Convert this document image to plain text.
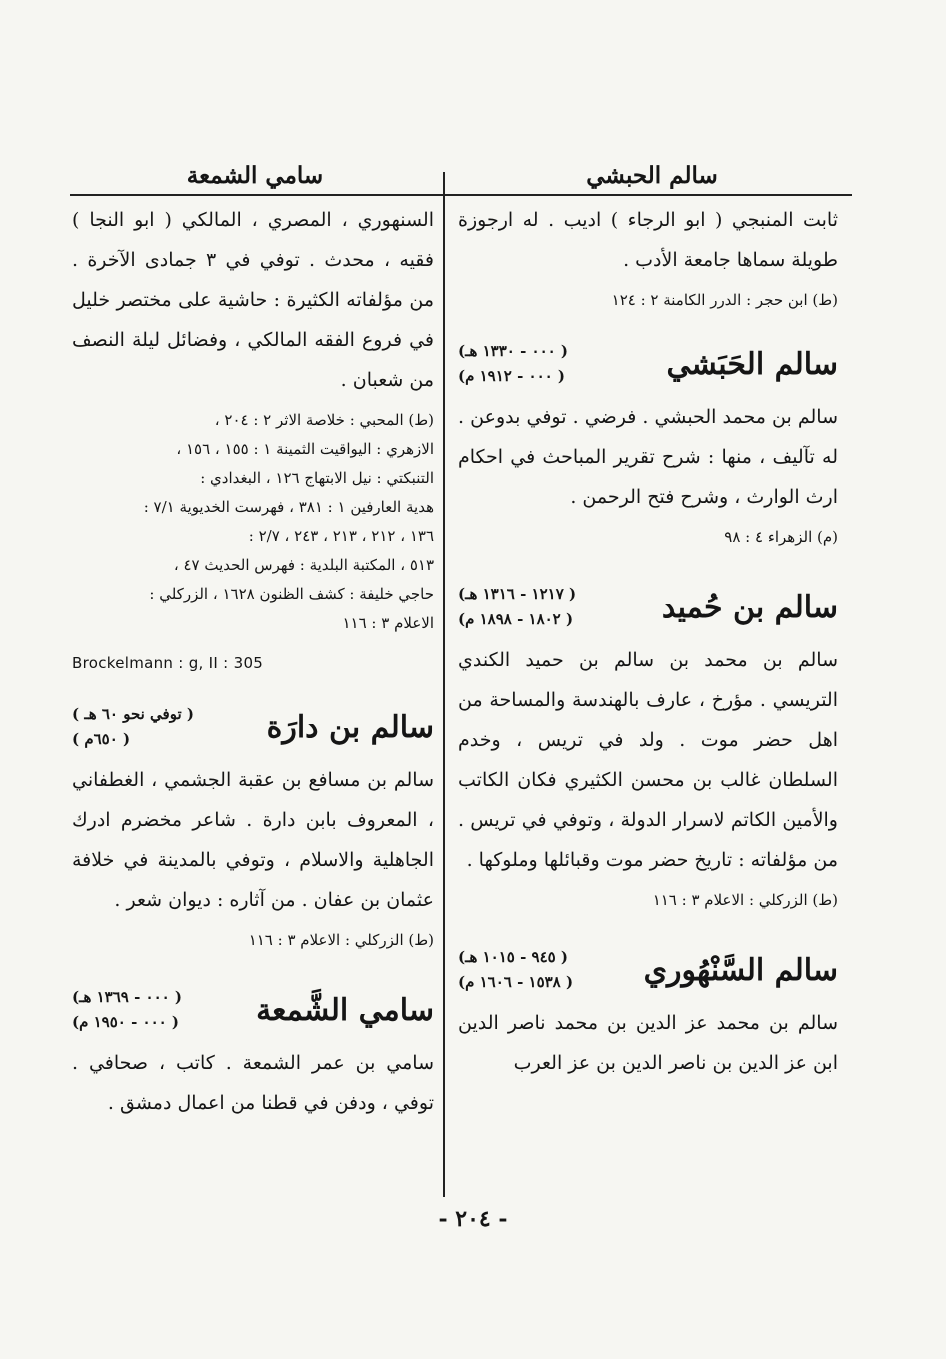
سالم الحبشي
سامي الشمعة

ثابت المنبجي ( ابو الرجاء ) اديب . له ارجوزة طويلة سماها جامعة الأدب .

(ط) ابن حجر : الدرر الكامنة ٢ : ١٢٤

سالم الحَبَشي
( ٠٠٠ - ١٣٣٠ هـ)
( ٠٠٠ - ١٩١٢ م)

سالم بن محمد الحبشي . فرضي . توفي بدوعن . له تآليف ، منها : شرح تقرير المباحث في احكام ارث الوارث ، وشرح فتح الرحمن .

(م) الزهراء ٤ : ٩٨

سالم بن حُميد
( ١٢١٧ - ١٣١٦ هـ)
( ١٨٠٢ - ١٨٩٨ م)

سالم بن محمد بن سالم بن حميد الكندي التريسي . مؤرخ ، عارف بالهندسة والمساحة من اهل حضر موت . ولد في تريس ، وخدم السلطان غالب بن محسن الكثيري فكان الكاتب والأمين الكاتم لاسرار الدولة ، وتوفي في تريس . من مؤلفاته : تاريخ حضر موت وقبائلها وملوكها .

(ط) الزركلي : الاعلام ٣ : ١١٦

سالم السَّنْهُوري
( ٩٤٥ - ١٠١٥ هـ)
( ١٥٣٨ - ١٦٠٦ م)

سالم بن محمد عز الدين بن محمد ناصر الدين ابن عز الدين بن ناصر الدين بن عز العرب

السنهوري ، المصري ، المالكي ( ابو النجا ) فقيه ، محدث . توفي في ٣ جمادى الآخرة . من مؤلفاته الكثيرة : حاشية على مختصر خليل في فروع الفقه المالكي ، وفضائل ليلة النصف من شعبان .

(ط) المحبي : خلاصة الاثر ٢ : ٢٠٤ ،
الازهري : اليواقيت الثمينة ١ : ١٥٥ ، ١٥٦ ،
التنبكتي : نيل الابتهاج ١٢٦ ، البغدادي :
هدية العارفين ١ : ٣٨١ ، فهرست الخديوية ٧/١ :
١٣٦ ، ٢١٢ ، ٢١٣ ، ٢٤٣ ، ٢/٧ :
٥١٣ ، المكتبة البلدية : فهرس الحديث ٤٧ ،
حاجي خليفة : كشف الظنون ١٦٢٨ ، الزركلي :
الاعلام ٣ : ١١٦

Brockelmann : g, II : 305

سالم بن دارَة
( توفي نحو ٦٠ هـ )
( ٦٥٠م )

سالم بن مسافع بن عقبة الجشمي ، الغطفاني ، المعروف بابن دارة . شاعر مخضرم ادرك الجاهلية والاسلام ، وتوفي بالمدينة في خلافة عثمان بن عفان . من آثاره : ديوان شعر .

(ط) الزركلي : الاعلام ٣ : ١١٦

سامي الشَّمعة
( ٠٠٠ - ١٣٦٩ هـ)
( ٠٠٠ - ١٩٥٠ م)

سامي بن عمر الشمعة . كاتب ، صحافي . توفي ، ودفن في قطنا من اعمال دمشق .

- ٢٠٤ -
